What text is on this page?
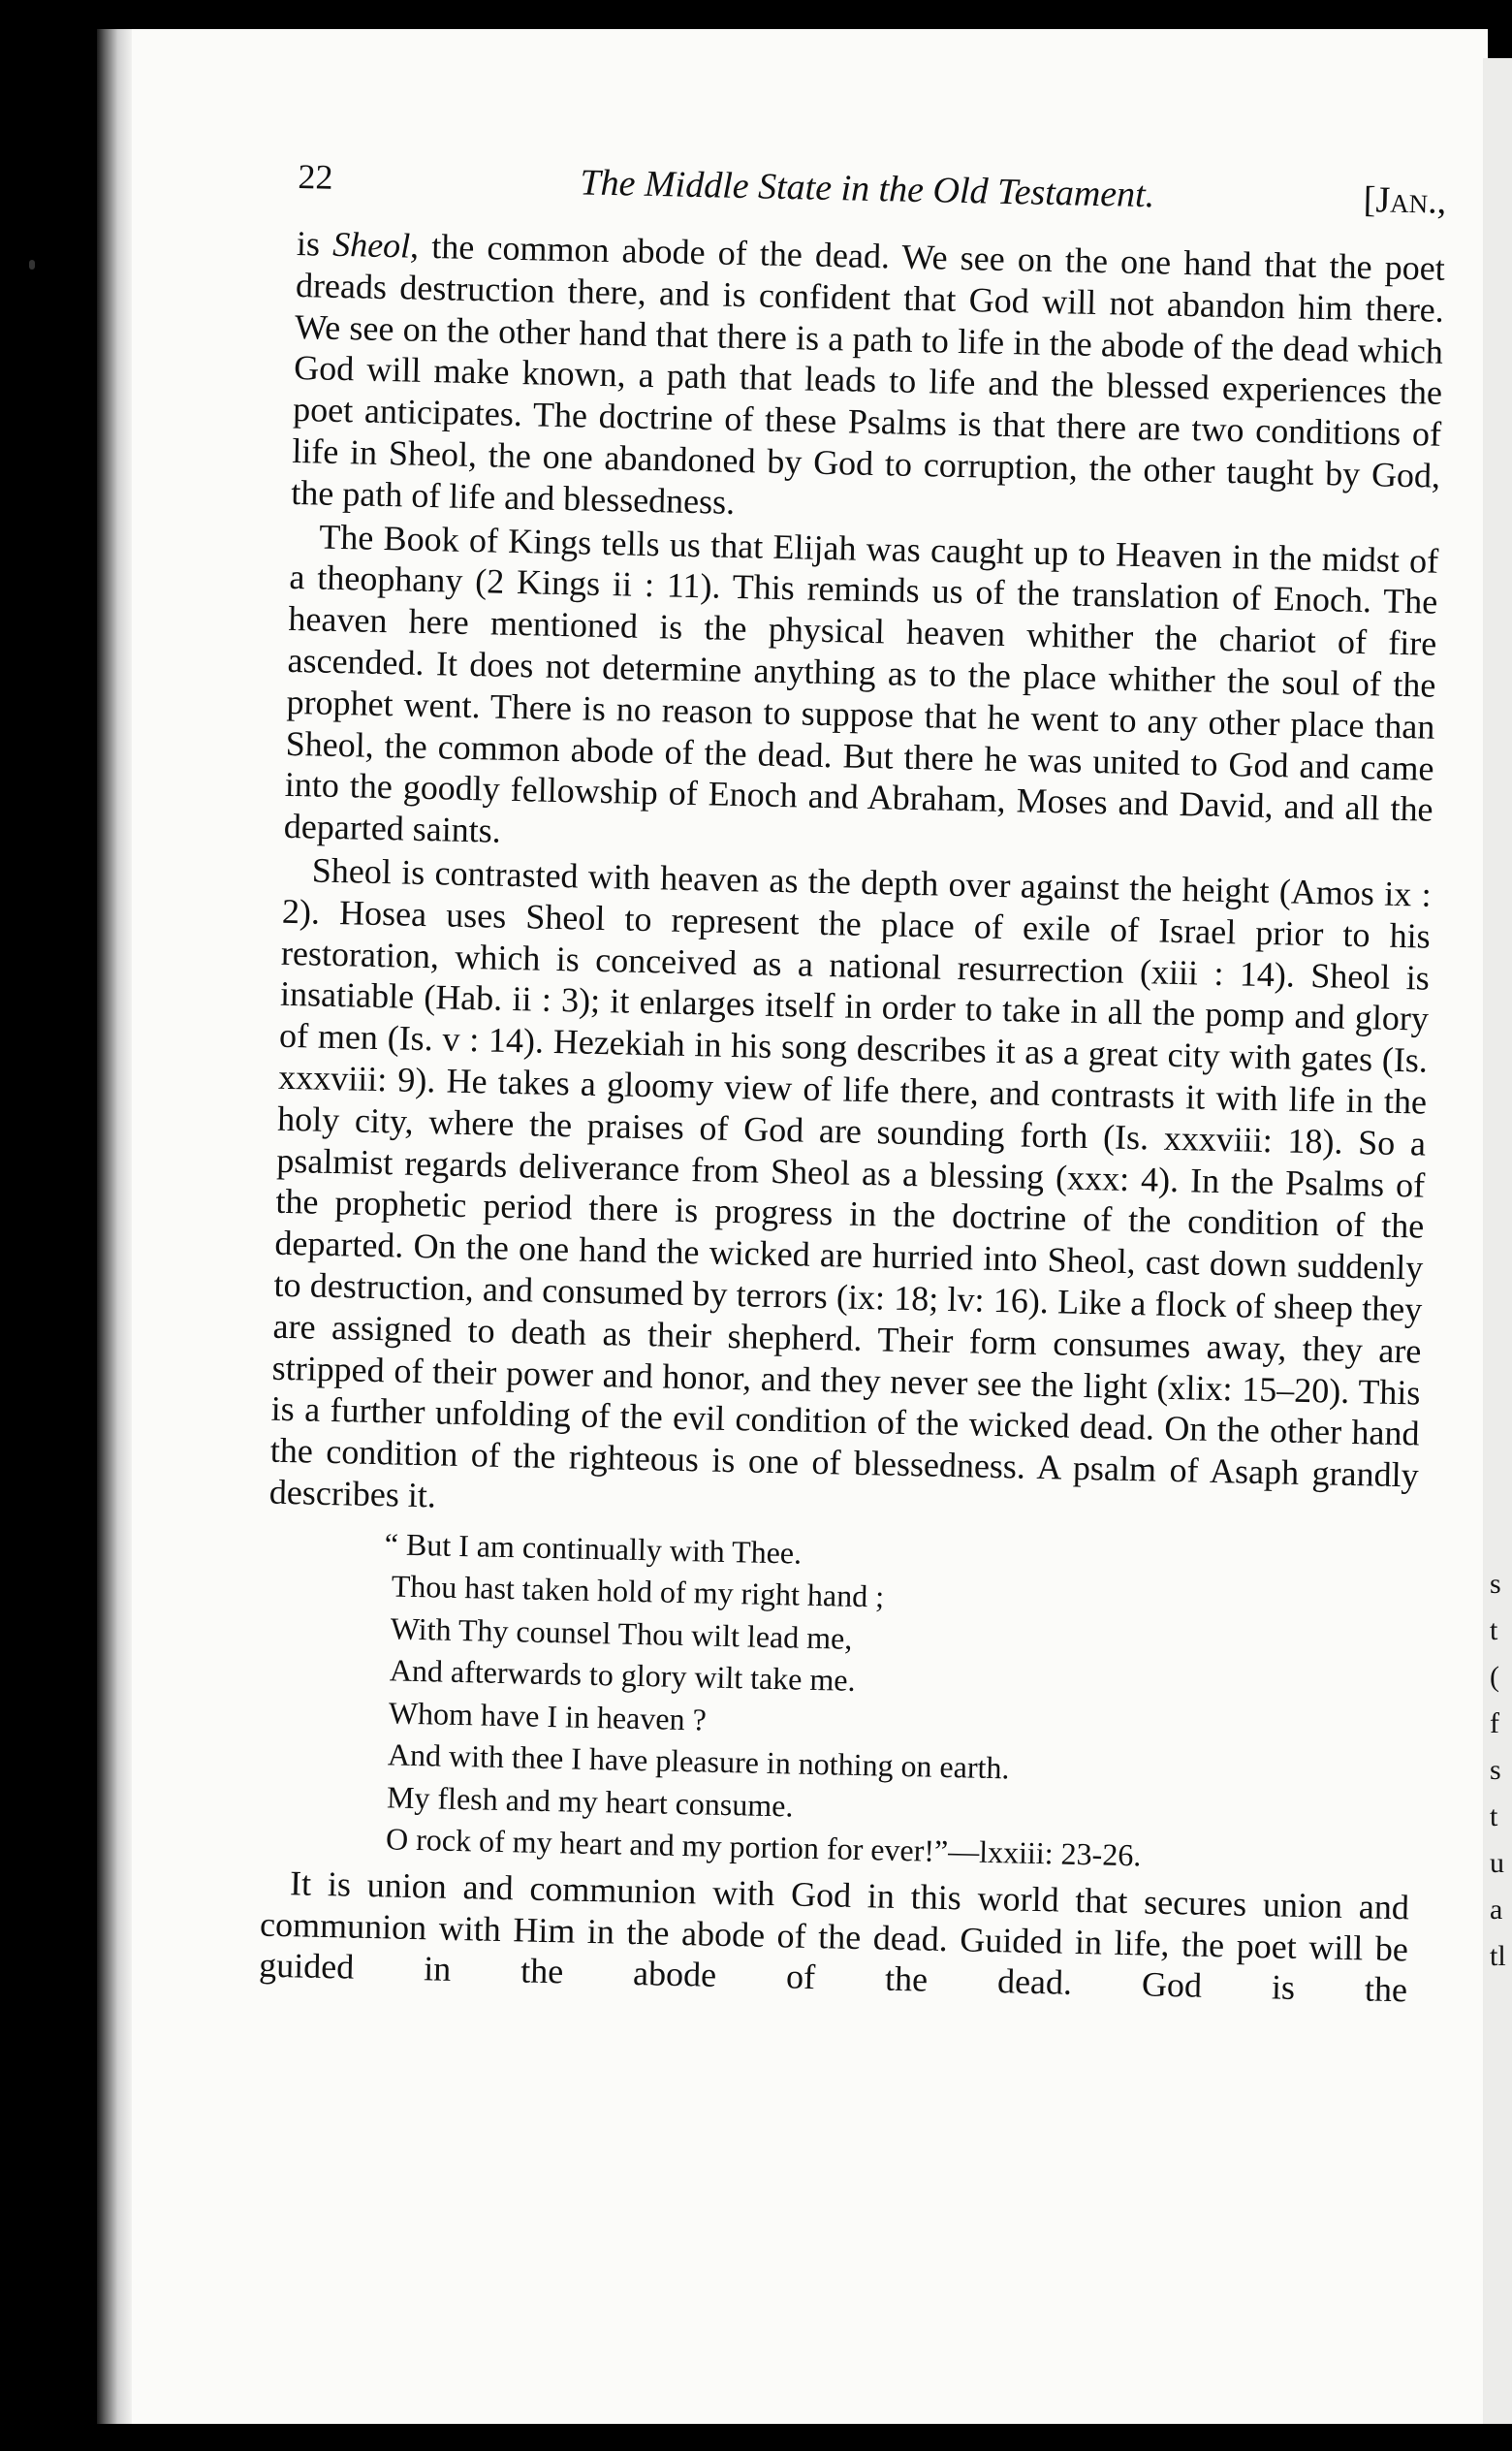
22	The Middle State in the Old Testament.	[Jan.,

is Sheol, the common abode of the dead. We see on the one hand that the poet dreads destruction there, and is confident that God will not abandon him there. We see on the other hand that there is a path to life in the abode of the dead which God will make known, a path that leads to life and the blessed experiences the poet anticipates. The doctrine of these Psalms is that there are two conditions of life in Sheol, the one abandoned by God to corruption, the other taught by God, the path of life and blessedness.

The Book of Kings tells us that Elijah was caught up to Heaven in the midst of a theophany (2 Kings ii : 11). This reminds us of the translation of Enoch. The heaven here mentioned is the physical heaven whither the chariot of fire ascended. It does not determine anything as to the place whither the soul of the prophet went. There is no reason to suppose that he went to any other place than Sheol, the common abode of the dead. But there he was united to God and came into the goodly fellowship of Enoch and Abraham, Moses and David, and all the departed saints.

Sheol is contrasted with heaven as the depth over against the height (Amos ix : 2). Hosea uses Sheol to represent the place of exile of Israel prior to his restoration, which is conceived as a national resurrection (xiii : 14). Sheol is insatiable (Hab. ii : 3); it enlarges itself in order to take in all the pomp and glory of men (Is. v : 14). Hezekiah in his song describes it as a great city with gates (Is. xxxviii: 9). He takes a gloomy view of life there, and contrasts it with life in the holy city, where the praises of God are sounding forth (Is. xxxviii: 18). So a psalmist regards deliverance from Sheol as a blessing (xxx: 4). In the Psalms of the prophetic period there is progress in the doctrine of the condition of the departed. On the one hand the wicked are hurried into Sheol, cast down suddenly to destruction, and consumed by terrors (ix: 18; lv: 16). Like a flock of sheep they are assigned to death as their shepherd. Their form consumes away, they are stripped of their power and honor, and they never see the light (xlix: 15–20). This is a further unfolding of the evil condition of the wicked dead. On the other hand the condition of the righteous is one of blessedness. A psalm of Asaph grandly describes it.

“ But I am continually with Thee.
Thou hast taken hold of my right hand ;
With Thy counsel Thou wilt lead me,
And afterwards to glory wilt take me.
Whom have I in heaven ?
And with thee I have pleasure in nothing on earth.
My flesh and my heart consume.
O rock of my heart and my portion for ever!”—lxxiii: 23-26.

It is union and communion with God in this world that secures union and communion with Him in the abode of the dead. Guided in life, the poet will be guided in the abode of the dead. God is the

s
t
(
f
s
t
u
a
tl
